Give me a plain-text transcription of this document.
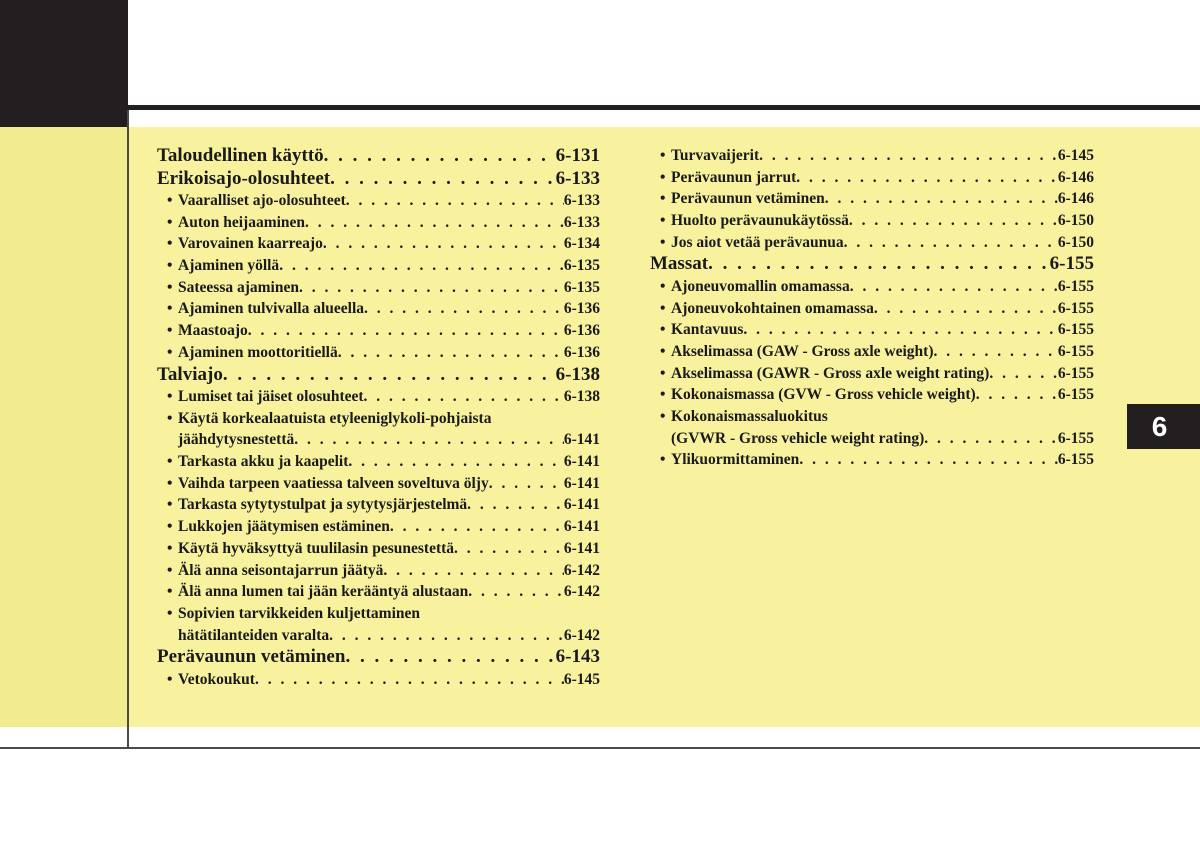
Taloudellinen käyttö . . .	6-131
Erikoisajo-olosuhteet . . .	6-133
• Vaaralliset ajo-olosuhteet . . .	6-133
• Auton heijaaminen . . .	6-133
• Varovainen kaarreajo . . .	6-134
• Ajaminen yöllä . . .	6-135
• Sateessa ajaminen . . .	6-135
• Ajaminen tulvivalla alueella . . .	6-136
• Maastoajo . . .	6-136
• Ajaminen moottoritiellä . . .	6-136
Talviajo . . .	6-138
• Lumiset tai jäiset olosuhteet . . .	6-138
• Käytä korkealaatuista etyleeniglykoli-pohjaista
jäähdytysnestettä . . .	6-141
• Tarkasta akku ja kaapelit . . .	6-141
• Vaihda tarpeen vaatiessa talveen soveltuva öljy . . .	6-141
• Tarkasta sytytystulpat ja sytytysjärjestelmä . . .	6-141
• Lukkojen jäätymisen estäminen . . .	6-141
• Käytä hyväksyttyä tuulilasin pesunestettä . . .	6-141
• Älä anna seisontajarrun jäätyä . . .	6-142
• Älä anna lumen tai jään kerääntyä alustaan . . .	6-142
• Sopivien tarvikkeiden kuljettaminen
hätätilanteiden varalta . . .	6-142
Perävaunun vetäminen . . .	6-143
• Vetokoukut . . .	6-145
• Turvavaijerit . . .	6-145
• Perävaunun jarrut . . .	6-146
• Perävaunun vetäminen . . .	6-146
• Huolto perävaunukäytössä . . .	6-150
• Jos aiot vetää perävaunua . . .	6-150
Massat . . .	6-155
• Ajoneuvomallin omamassa . . .	6-155
• Ajoneuvokohtainen omamassa . . .	6-155
• Kantavuus . . .	6-155
• Akselimassa (GAW - Gross axle weight) . . .	6-155
• Akselimassa (GAWR - Gross axle weight rating) . . .	6-155
• Kokonaismassa (GVW - Gross vehicle weight) . . .	6-155
• Kokonaismassaluokitus
(GVWR - Gross vehicle weight rating) . . .	6-155
• Ylikuormittaminen . . .	6-155
6
